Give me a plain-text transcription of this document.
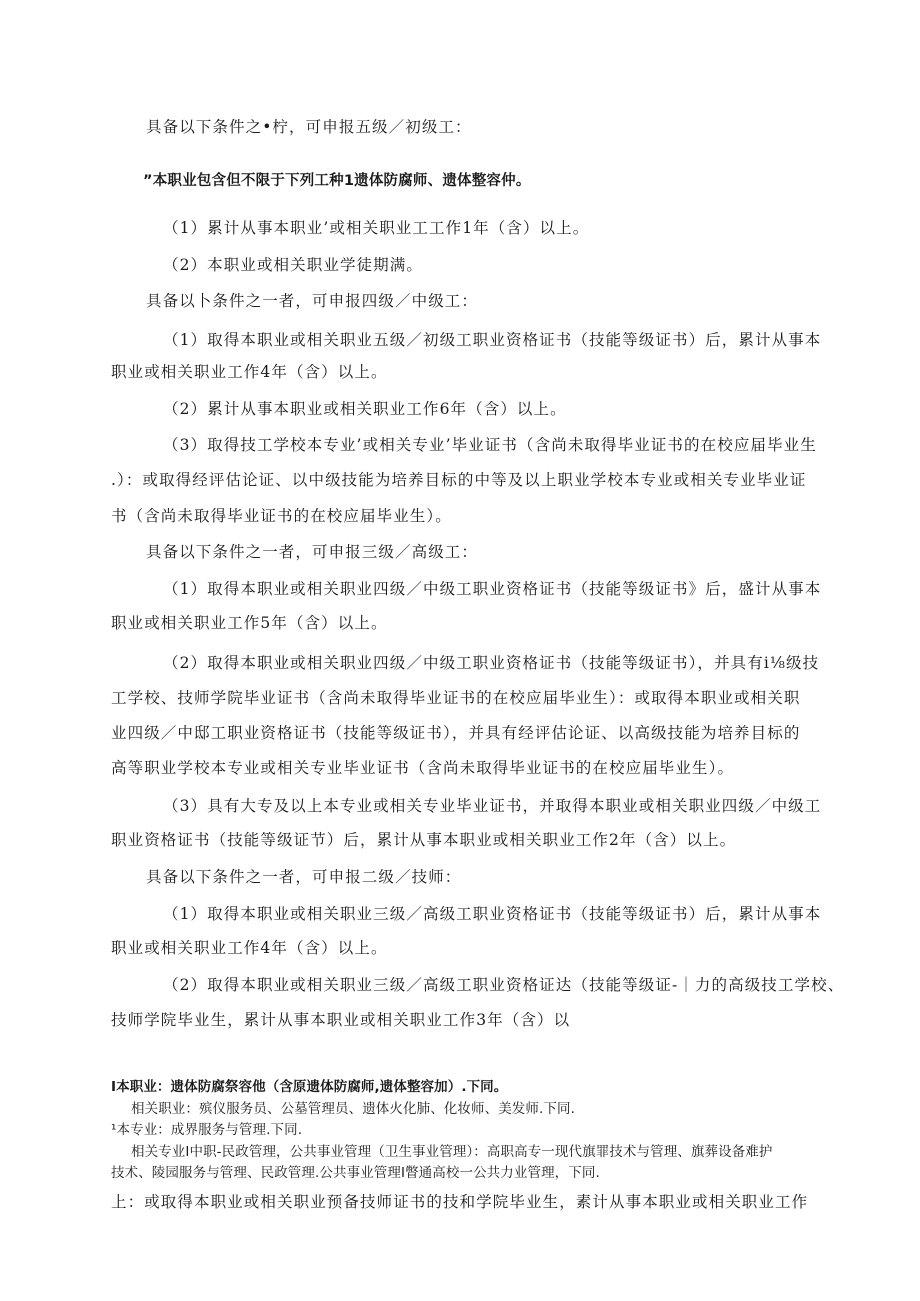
具备以下条件之•柠，可申报五级／初级工：
”本职业包含但不限于下列工种1遗体防腐师、遗体整容仲。
（1）累计从事本职业’或相关职业工工作1年（含）以上。
（2）本职业或相关职业学徒期满。
具备以卜条件之一者，可申报四级／中级工：
（1）取得本职业或相关职业五级／初级工职业资格证书（技能等级证书）后，累计从事本
职业或相关职业工作4年（含）以上。
（2）累计从事本职业或相关职业工作6年（含）以上。
（3）取得技工学校本专业’或相关专业’毕业证书（含尚未取得毕业证书的在校应届毕业生
.）：或取得经评估论证、以中级技能为培养目标的中等及以上职业学校本专业或相关专业毕业证
书（含尚未取得毕业证书的在校应届毕业生）。
具备以下条件之一者，可申报三级／高级工：
（1）取得本职业或相关职业四级／中级工职业资格证书（技能等级证书》后，盛计从事本
职业或相关职业工作5年（含）以上。
（2）取得本职业或相关职业四级／中级工职业资格证书（技能等级证书），并具有i⅛级技
工学校、技师学院毕业证书（含尚未取得毕业证书的在校应届毕业生）：或取得本职业或相关职
业四级／中邸工职业资格证书（技能等级证书），并具有经评估论证、以高级技能为培养目标的
高等职业学校本专业或相关专业毕业证书（含尚未取得毕业证书的在校应届毕业生）。
（3）具有大专及以上本专业或相关专业毕业证书，并取得本职业或相关职业四级／中级工
职业资格证书（技能等级证节）后，累计从事本职业或相关职业工作2年（含）以上。
具备以下条件之一者，可申报二级／技师：
（1）取得本职业或相关职业三级／高级工职业资格证书（技能等级证书）后，累计从事本
职业或相关职业工作4年（含）以上。
（2）取得本职业或相关职业三级／高级工职业资格证达（技能等级证-｜力的高级技工学校、
技师学院毕业生，累计从事本职业或相关职业工作3年（含）以
I本职业：遗体防腐祭容他（含原遗体防腐师,遗体整容加）.下同。
相关职业：殡仪服务员、公墓管理员、遗体火化肺、化妆师、美发师.下同.
¹本专业：成界服务与管理.下同.
相关专业I中职-民政管理，公共事业管理（卫生事业管理）：高职高专一现代旗罪技术与管理、旗葬设备难护
技术、陵园服务与管理、民政管理.公共事业管理I瞥通高校一公共力业管理，下同.
上：或取得本职业或相关职业预备技师证书的技和学院毕业生，素计从事本职业或相关职业工作
